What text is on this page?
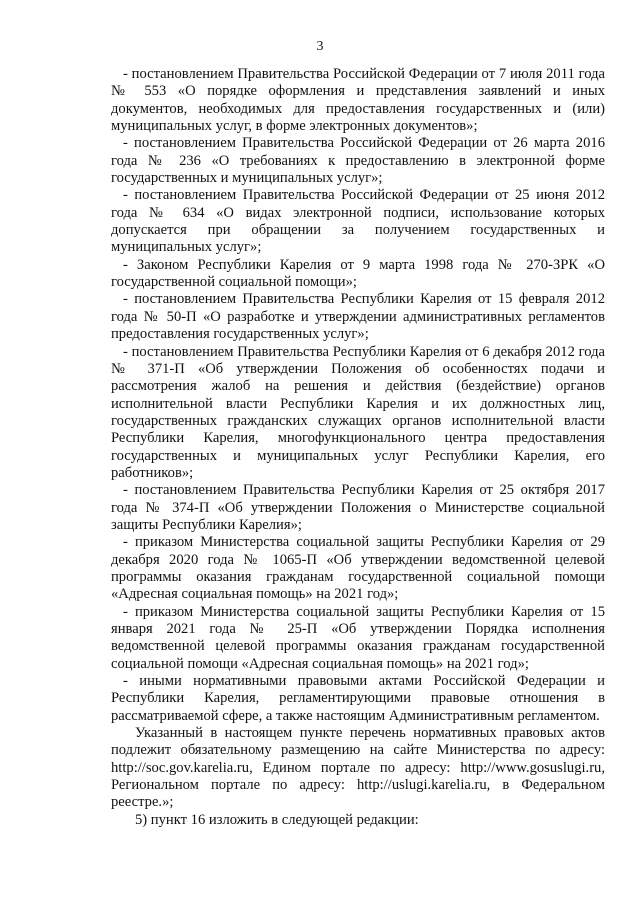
3

- постановлением Правительства Российской Федерации от 7 июля 2011 года № 553 «О порядке оформления и представления заявлений и иных документов, необходимых для предоставления государственных и (или) муниципальных услуг, в форме электронных документов»;

- постановлением Правительства Российской Федерации от 26 марта 2016 года № 236 «О требованиях к предоставлению в электронной форме государственных и муниципальных услуг»;

- постановлением Правительства Российской Федерации от 25 июня 2012 года № 634 «О видах электронной подписи, использование которых допускается при обращении за получением государственных и муниципальных услуг»;

- Законом Республики Карелия от 9 марта 1998 года № 270-ЗРК «О государственной социальной помощи»;

- постановлением Правительства Республики Карелия от 15 февраля 2012 года № 50-П «О разработке и утверждении административных регламентов предоставления государственных услуг»;

- постановлением Правительства Республики Карелия от 6 декабря 2012 года № 371-П «Об утверждении Положения об особенностях подачи и рассмотрения жалоб на решения и действия (бездействие) органов исполнительной власти Республики Карелия и их должностных лиц, государственных гражданских служащих органов исполнительной власти Республики Карелия, многофункционального центра предоставления государственных и муниципальных услуг Республики Карелия, его работников»;

- постановлением Правительства Республики Карелия от 25 октября 2017 года № 374-П «Об утверждении Положения о Министерстве социальной защиты Республики Карелия»;

- приказом Министерства социальной защиты Республики Карелия от 29 декабря 2020 года № 1065-П «Об утверждении ведомственной целевой программы оказания гражданам государственной социальной помощи «Адресная социальная помощь» на 2021 год»;

- приказом Министерства социальной защиты Республики Карелия от 15 января 2021 года № 25-П «Об утверждении Порядка исполнения ведомственной целевой программы оказания гражданам государственной социальной помощи «Адресная социальная помощь» на 2021 год»;

- иными нормативными правовыми актами Российской Федерации и Республики Карелия, регламентирующими правовые отношения в рассматриваемой сфере, а также настоящим Административным регламентом.

Указанный в настоящем пункте перечень нормативных правовых актов подлежит обязательному размещению на сайте Министерства по адресу: http://soc.gov.karelia.ru, Едином портале по адресу: http://www.gosuslugi.ru, Региональном портале по адресу: http://uslugi.karelia.ru, в Федеральном реестре.»;

5) пункт 16 изложить в следующей редакции:
